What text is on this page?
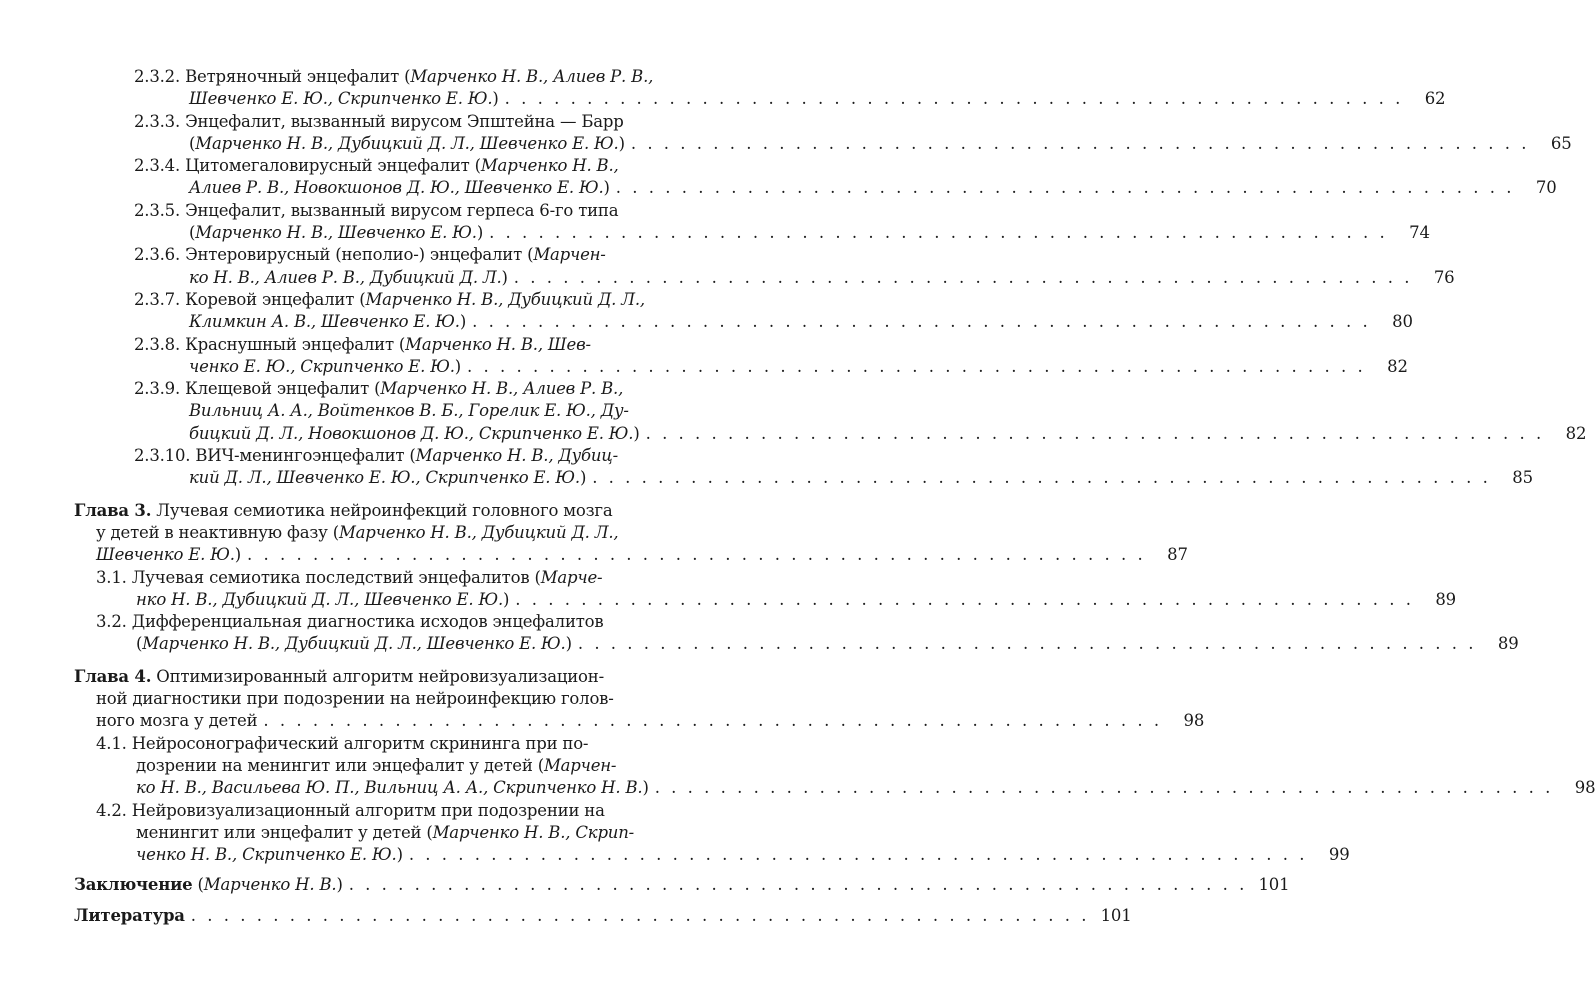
2.3.2. Ветряночный энцефалит (Марченко Н. В., Алиев Р. В.,
Шевченко Е. Ю., Скрипченко Е. Ю.) . . . . . . . . . . . . . . . . . . . . . . . . . . . . . . . . . . . . . . . . . . . . . . . . . . . . . . .	62
2.3.3. Энцефалит, вызванный вирусом Эпштейна — Барр
(Марченко Н. В., Дубицкий Д. Л., Шевченко Е. Ю.) . . . . . . . . . . . . . . . . . . . . . . . . . . . . . . . . . . . . . . . . . . . . . . . . . . . . . . .	65
2.3.4. Цитомегаловирусный энцефалит (Марченко Н. В.,
Алиев Р. В., Новокшонов Д. Ю., Шевченко Е. Ю.) . . . . . . . . . . . . . . . . . . . . . . . . . . . . . . . . . . . . . . . . . . . . . . . . . . . . . . .	70
2.3.5. Энцефалит, вызванный вирусом герпеса 6-го типа
(Марченко Н. В., Шевченко Е. Ю.) . . . . . . . . . . . . . . . . . . . . . . . . . . . . . . . . . . . . . . . . . . . . . . . . . . . . . . .	74
2.3.6. Энтеровирусный (неполио-) энцефалит (Марчен-
ко Н. В., Алиев Р. В., Дубицкий Д. Л.) . . . . . . . . . . . . . . . . . . . . . . . . . . . . . . . . . . . . . . . . . . . . . . . . . . . . . . .	76
2.3.7. Коревой энцефалит (Марченко Н. В., Дубицкий Д. Л.,
Климкин А. В., Шевченко Е. Ю.) . . . . . . . . . . . . . . . . . . . . . . . . . . . . . . . . . . . . . . . . . . . . . . . . . . . . . . .	80
2.3.8. Краснушный энцефалит (Марченко Н. В., Шев-
ченко Е. Ю., Скрипченко Е. Ю.) . . . . . . . . . . . . . . . . . . . . . . . . . . . . . . . . . . . . . . . . . . . . . . . . . . . . . . .	82
2.3.9. Клещевой энцефалит (Марченко Н. В., Алиев Р. В.,
Вильниц А. А., Войтенков В. Б., Горелик Е. Ю., Ду-
бицкий Д. Л., Новокшонов Д. Ю., Скрипченко Е. Ю.) . . . . . . . . . . . . . . . . . . . . . . . . . . . . . . . . . . . . . . . . . . . . . . . . . . . . . . .	82
2.3.10. ВИЧ-менингоэнцефалит (Марченко Н. В., Дубиц-
кий Д. Л., Шевченко Е. Ю., Скрипченко Е. Ю.) . . . . . . . . . . . . . . . . . . . . . . . . . . . . . . . . . . . . . . . . . . . . . . . . . . . . . . .	85
Глава 3. Лучевая семиотика нейроинфекций головного мозга
у детей в неактивную фазу (Марченко Н. В., Дубицкий Д. Л.,
Шевченко Е. Ю.) . . . . . . . . . . . . . . . . . . . . . . . . . . . . . . . . . . . . . . . . . . . . . . . . . . . . . . .	87
3.1. Лучевая семиотика последствий энцефалитов (Марче-
нко Н. В., Дубицкий Д. Л., Шевченко Е. Ю.) . . . . . . . . . . . . . . . . . . . . . . . . . . . . . . . . . . . . . . . . . . . . . . . . . . . . . . .	89
3.2. Дифференциальная диагностика исходов энцефалитов
(Марченко Н. В., Дубицкий Д. Л., Шевченко Е. Ю.) . . . . . . . . . . . . . . . . . . . . . . . . . . . . . . . . . . . . . . . . . . . . . . . . . . . . . . .	89
Глава 4. Оптимизированный алгоритм нейровизуализацион-
ной диагностики при подозрении на нейроинфекцию голов-
ного мозга у детей . . . . . . . . . . . . . . . . . . . . . . . . . . . . . . . . . . . . . . . . . . . . . . . . . . . . . . .	98
4.1. Нейросонографический алгоритм скрининга при по-
дозрении на менингит или энцефалит у детей (Марчен-
ко Н. В., Васильева Ю. П., Вильниц А. А., Скрипченко Н. В.) . . . . . . . . . . . . . . . . . . . . . . . . . . . . . . . . . . . . . . . . . . . . . . . . . . . . . . .	98
4.2. Нейровизуализационный алгоритм при подозрении на
менингит или энцефалит у детей (Марченко Н. В., Скрип-
ченко Н. В., Скрипченко Е. Ю.) . . . . . . . . . . . . . . . . . . . . . . . . . . . . . . . . . . . . . . . . . . . . . . . . . . . . . . .	99
Заключение (Марченко Н. В.) . . . . . . . . . . . . . . . . . . . . . . . . . . . . . . . . . . . . . . . . . . . . . . . . . . . . . . . 101
Литература . . . . . . . . . . . . . . . . . . . . . . . . . . . . . . . . . . . . . . . . . . . . . . . . . . . . . . . 101
